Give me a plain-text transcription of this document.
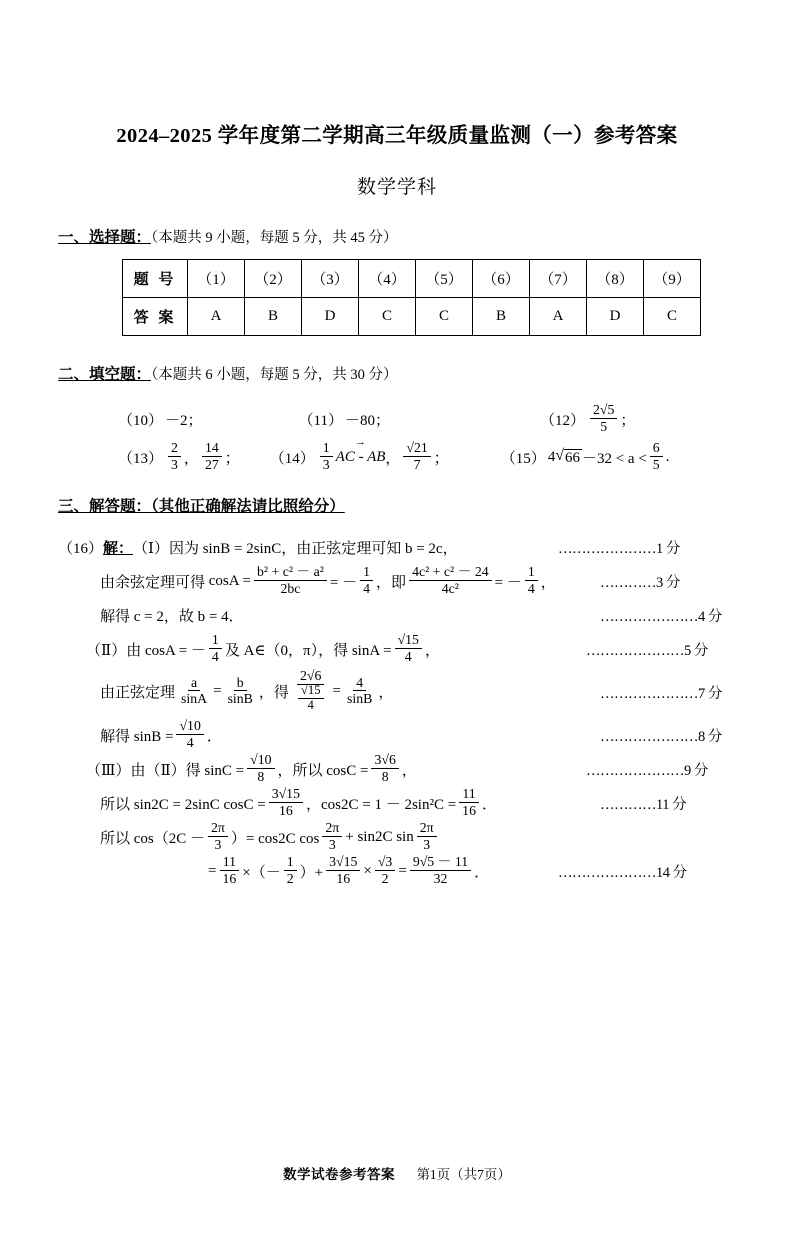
2024–2025 学年度第二学期高三年级质量监测（一）参考答案
数学学科
一、选择题：（本题共 9 小题，每题 5 分，共 45 分）
题 号	（1）	（2）	（3）	（4）	（5）	（6）	（7）	（8）	（9）
答 案	A	B	D	C	C	B	A	D	C
二、填空题：（本题共 6 小题，每题 5 分，共 30 分）
（10） －2；	（11） －80；	$(12) \frac{2√5}{5}$ ；
$(13) \frac{2}{3}$ ， $\frac{14}{27}$ ； $(14) \frac{1}{3}$ → AC - AB ， $\frac{√21}{7}$ ；	（15） 4 √ $66 -32 < a < \frac{6}{5}$ .
三、解答题：（其他正确解法请比照给分）
（16） 解： （Ⅰ） 因为 sinB = 2sinC，由正弦定理可知 b = 2c，	…………………1 分
由余弦定理可得
$\cos A = \frac{\text{b² + c² － a²}}{2bc}$ = － $\frac{1}{4}$ ，即 $\frac{\text{4c² + c² － 24}}{\text{4c²}}$ = － $\frac{1}{4}$ ，	…………3 分
解得 c = 2，故 b = 4．	…………………4 分
（Ⅱ） 由 cosA = － $\frac{1}{4}$ 及 A∈（0，π），得 $\sin A = \frac{√15}{4}$ ，	…………………5 分
由正弦定理 $\frac{a}{\sin A} = \frac{b}{\sin B}$ ，得 $\frac{2√6}{\frac{√15}{4}} = \frac{4}{\sin B}$ ，	…………………7 分
解得 $\sin B = \frac{√10}{4}$ ．	…………………8 分
（Ⅲ） 由（Ⅱ）得 $\sin C = \frac{√10}{8}$ ，所以 $\cos C = \frac{3√6}{8}$ ，	…………………9 分
所以 sin2C = 2sinC $\cos C = \frac{3√15}{16}$ ，$\cos 2C = 1 - 2\sin^2C = \frac{11}{16}$ ．	…………11 分
所以 $\cos(2C - \frac{2\pi}{3}$ ）= cos2C $\cos \frac{2\pi}{3} + \sin 2C$ $\sin \frac{2\pi}{3}$
= $\frac{11}{16}$ ×（－ $\frac{1}{2}$ ）+ $\frac{3√15}{16} \times \frac{√3}{2} = \frac{9√5 - 11}{32}$ ．	…………………14 分
数学试卷参考答案 第1页（共7页）
